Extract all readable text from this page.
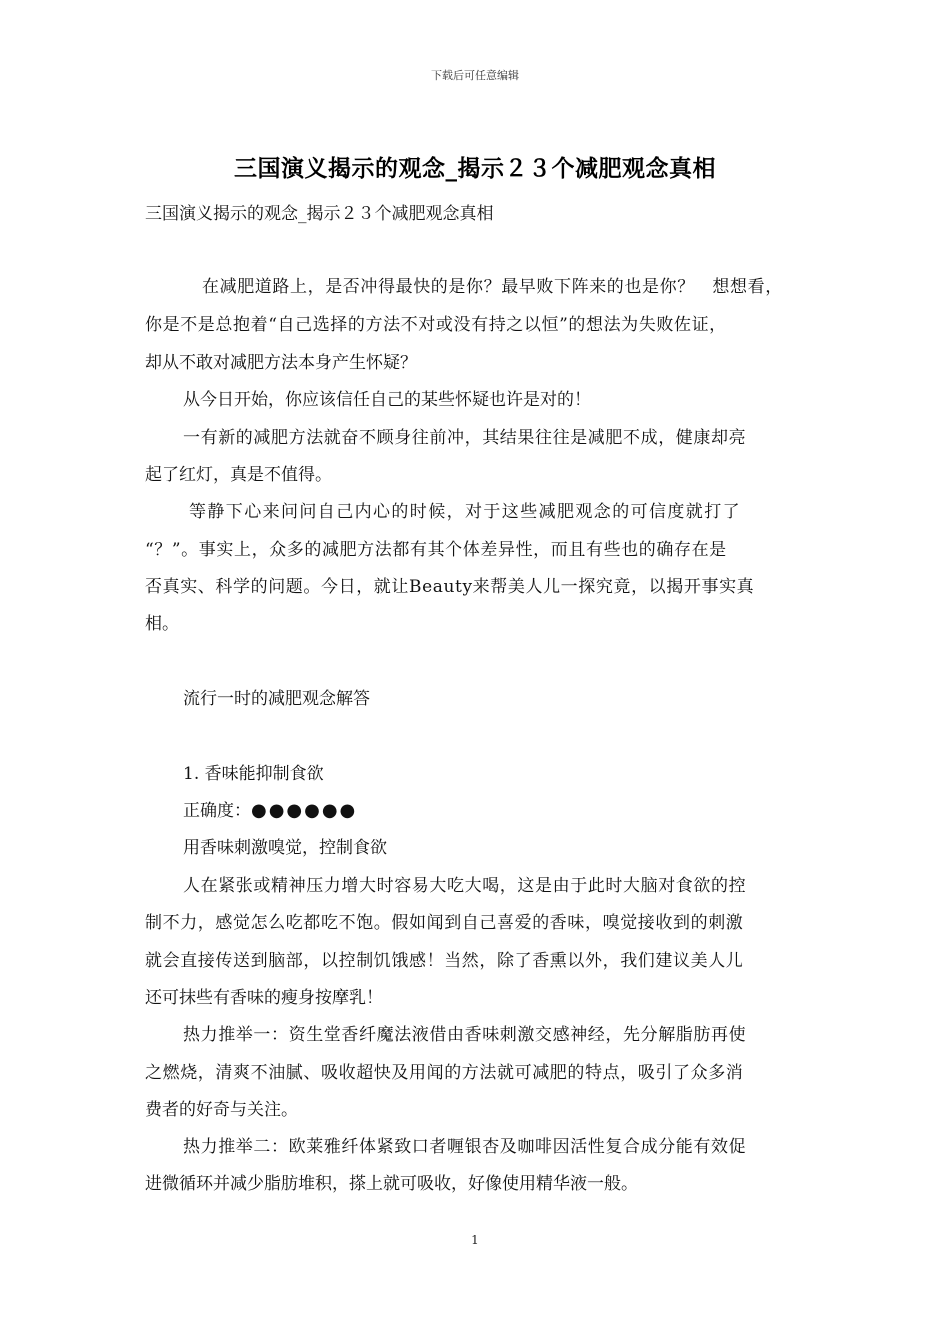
下载后可任意编辑
三国演义揭示的观念_揭示２３个减肥观念真相
三国演义揭示的观念_揭示２３个减肥观念真相
在减肥道路上，是否冲得最快的是你？最早败下阵来的也是你？　想想看，
你是不是总抱着“自己选择的方法不对或没有持之以恒”的想法为失败佐证，
却从不敢对减肥方法本身产生怀疑？
从今日开始，你应该信任自己的某些怀疑也许是对的！
一有新的减肥方法就奋不顾身往前冲，其结果往往是减肥不成，健康却亮
起了红灯，真是不值得。
等静下心来问问自己内心的时候，对于这些减肥观念的可信度就打了
“？”。事实上，众多的减肥方法都有其个体差异性，而且有些也的确存在是
否真实、科学的问题。今日，就让Beauty来帮美人儿一探究竟，以揭开事实真
相。
流行一时的减肥观念解答
1. 香味能抑制食欲
正确度：●●●●●●
用香味刺激嗅觉，控制食欲
人在紧张或精神压力增大时容易大吃大喝，这是由于此时大脑对食欲的控
制不力，感觉怎么吃都吃不饱。假如闻到自己喜爱的香味，嗅觉接收到的刺激
就会直接传送到脑部，以控制饥饿感！当然，除了香熏以外，我们建议美人儿
还可抹些有香味的瘦身按摩乳！
热力推举一：资生堂香纤魔法液借由香味刺激交感神经，先分解脂肪再使
之燃烧，清爽不油腻、吸收超快及用闻的方法就可减肥的特点，吸引了众多消
费者的好奇与关注。
热力推举二：欧莱雅纤体紧致口者喱银杏及咖啡因活性复合成分能有效促
进微循环并减少脂肪堆积，搽上就可吸收，好像使用精华液一般。
1
